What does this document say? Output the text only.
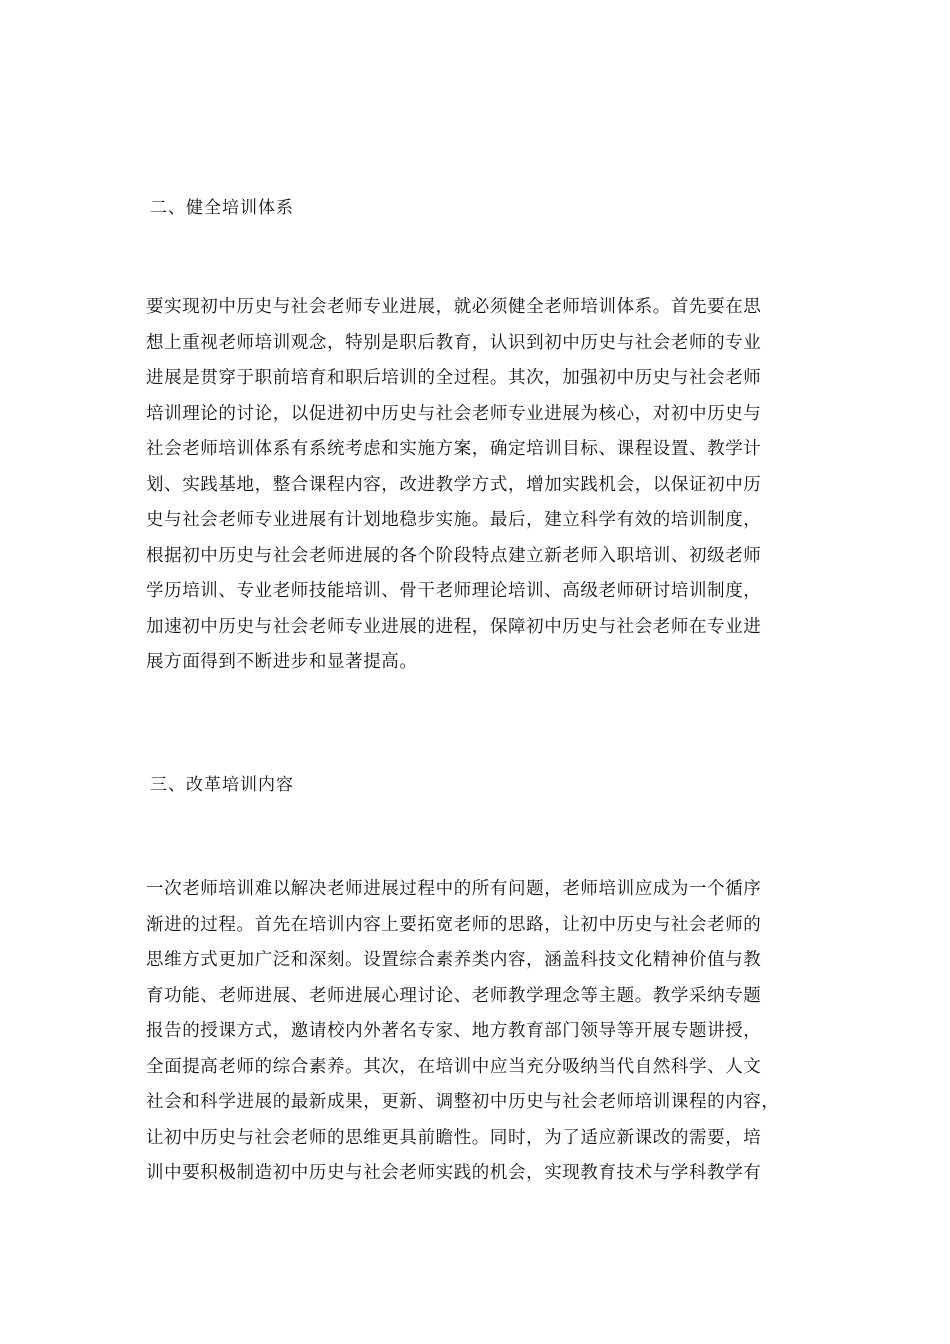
二、健全培训体系
要实现初中历史与社会老师专业进展，就必须健全老师培训体系。首先要在思
想上重视老师培训观念，特别是职后教育，认识到初中历史与社会老师的专业
进展是贯穿于职前培育和职后培训的全过程。其次，加强初中历史与社会老师
培训理论的讨论，以促进初中历史与社会老师专业进展为核心，对初中历史与
社会老师培训体系有系统考虑和实施方案，确定培训目标、课程设置、教学计
划、实践基地，整合课程内容，改进教学方式，增加实践机会，以保证初中历
史与社会老师专业进展有计划地稳步实施。最后，建立科学有效的培训制度，
根据初中历史与社会老师进展的各个阶段特点建立新老师入职培训、初级老师
学历培训、专业老师技能培训、骨干老师理论培训、高级老师研讨培训制度，
加速初中历史与社会老师专业进展的进程，保障初中历史与社会老师在专业进
展方面得到不断进步和显著提高。
三、改革培训内容
一次老师培训难以解决老师进展过程中的所有问题，老师培训应成为一个循序
渐进的过程。首先在培训内容上要拓宽老师的思路，让初中历史与社会老师的
思维方式更加广泛和深刻。设置综合素养类内容，涵盖科技文化精神价值与教
育功能、老师进展、老师进展心理讨论、老师教学理念等主题。教学采纳专题
报告的授课方式，邀请校内外著名专家、地方教育部门领导等开展专题讲授，
全面提高老师的综合素养。其次，在培训中应当充分吸纳当代自然科学、人文
社会和科学进展的最新成果，更新、调整初中历史与社会老师培训课程的内容，
让初中历史与社会老师的思维更具前瞻性。同时，为了适应新课改的需要，培
训中要积极制造初中历史与社会老师实践的机会，实现教育技术与学科教学有
